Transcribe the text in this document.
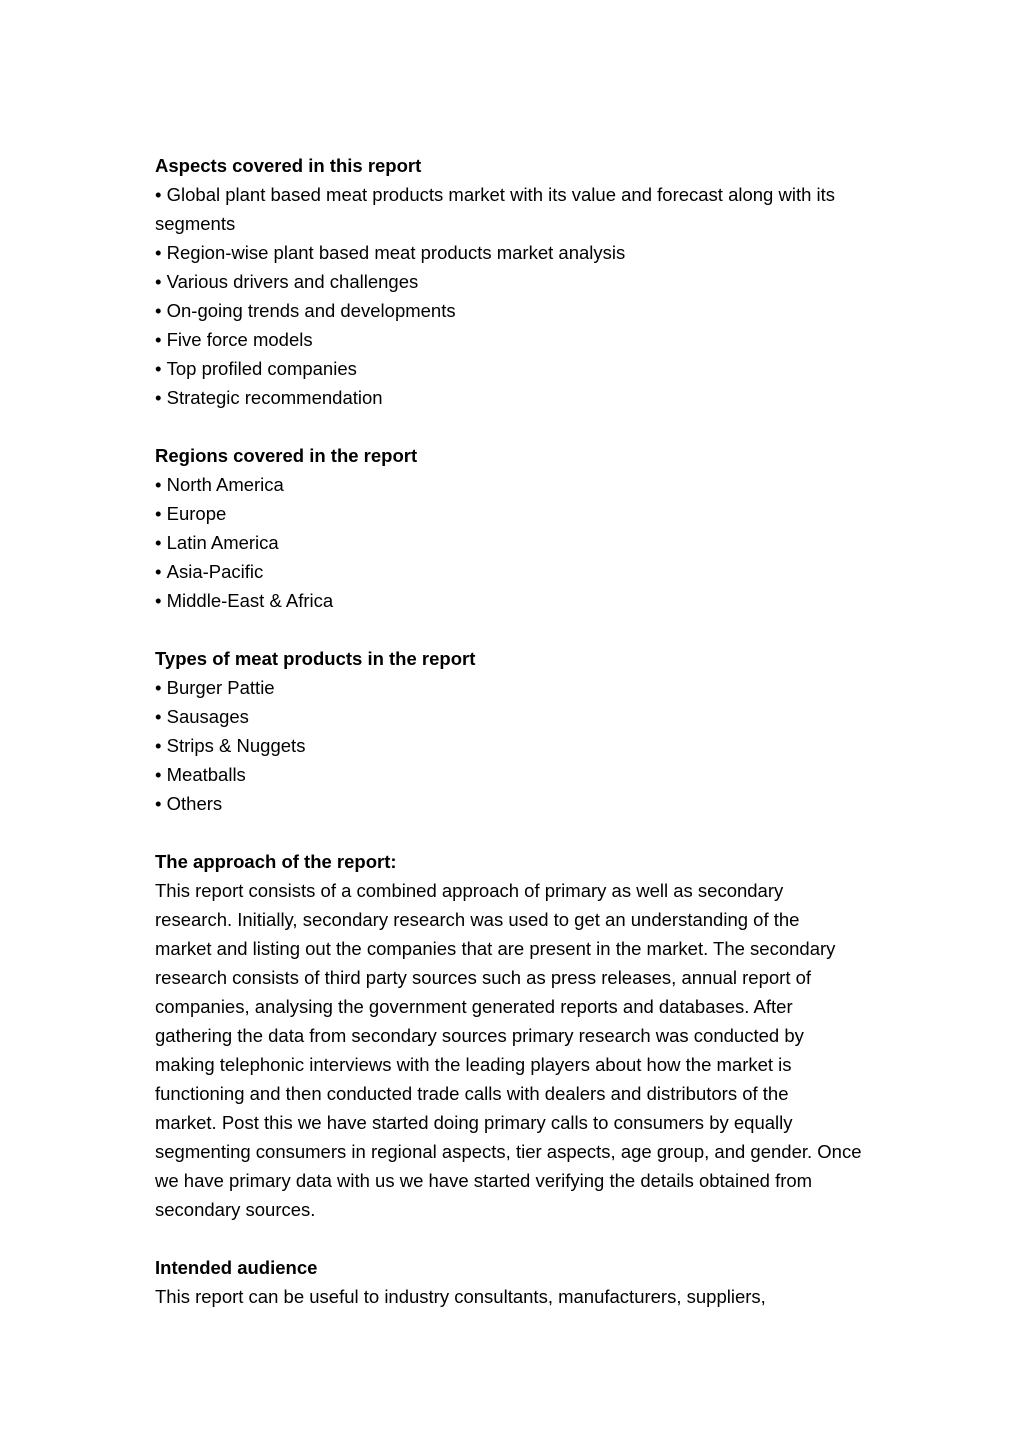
Aspects covered in this report
• Global plant based meat products market with its value and forecast along with its segments
• Region-wise plant based meat products market analysis
• Various drivers and challenges
• On-going trends and developments
• Five force models
• Top profiled companies
• Strategic recommendation
Regions covered in the report
• North America
• Europe
• Latin America
• Asia-Pacific
• Middle-East & Africa
Types of meat products in the report
• Burger Pattie
• Sausages
• Strips & Nuggets
• Meatballs
• Others
The approach of the report:
This report consists of a combined approach of primary as well as secondary
research. Initially, secondary research was used to get an understanding of the
market and listing out the companies that are present in the market. The secondary
research consists of third party sources such as press releases, annual report of
companies, analysing the government generated reports and databases. After
gathering the data from secondary sources primary research was conducted by
making telephonic interviews with the leading players about how the market is
functioning and then conducted trade calls with dealers and distributors of the
market. Post this we have started doing primary calls to consumers by equally
segmenting consumers in regional aspects, tier aspects, age group, and gender. Once
we have primary data with us we have started verifying the details obtained from
secondary sources.
Intended audience
This report can be useful to industry consultants, manufacturers, suppliers,
